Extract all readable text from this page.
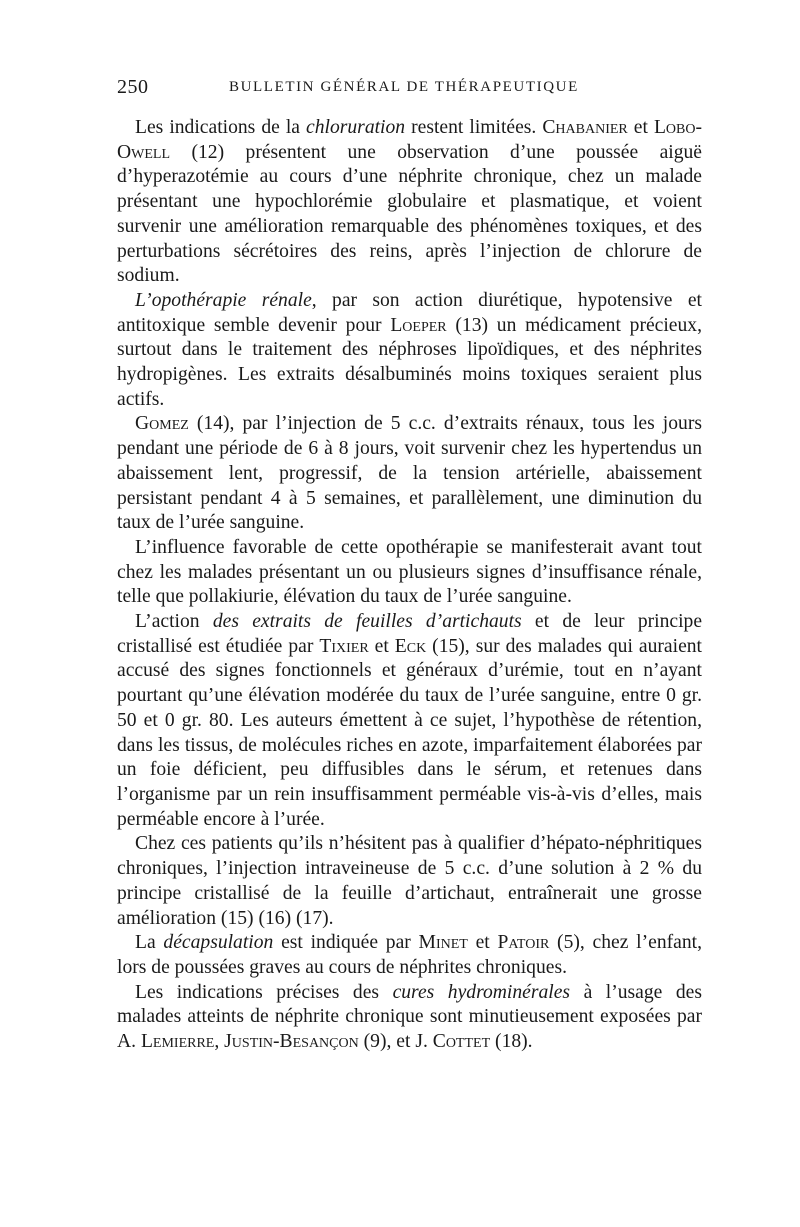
250	BULLETIN GÉNÉRAL DE THÉRAPEUTIQUE

Les indications de la chloruration restent limitées. Chabanier et Lobo-Owell (12) présentent une observation d’une poussée aiguë d’hyperazotémie au cours d’une néphrite chronique, chez un malade présentant une hypochlorémie globulaire et plasmatique, et voient survenir une amélioration remarquable des phénomènes toxiques, et des perturbations sécrétoires des reins, après l’injection de chlorure de sodium.

L’opothérapie rénale, par son action diurétique, hypotensive et antitoxique semble devenir pour Loeper (13) un médicament précieux, surtout dans le traitement des néphroses lipoïdiques, et des néphrites hydropigènes. Les extraits désalbuminés moins toxiques seraient plus actifs.

Gomez (14), par l’injection de 5 c.c. d’extraits rénaux, tous les jours pendant une période de 6 à 8 jours, voit survenir chez les hypertendus un abaissement lent, progressif, de la tension artérielle, abaissement persistant pendant 4 à 5 semaines, et parallèlement, une diminution du taux de l’urée sanguine.

L’influence favorable de cette opothérapie se manifesterait avant tout chez les malades présentant un ou plusieurs signes d’insuffisance rénale, telle que pollakiurie, élévation du taux de l’urée sanguine.

L’action des extraits de feuilles d’artichauts et de leur principe cristallisé est étudiée par Tixier et Eck (15), sur des malades qui auraient accusé des signes fonctionnels et généraux d’urémie, tout en n’ayant pourtant qu’une élévation modérée du taux de l’urée sanguine, entre 0 gr. 50 et 0 gr. 80. Les auteurs émettent à ce sujet, l’hypothèse de rétention, dans les tissus, de molécules riches en azote, imparfaitement élaborées par un foie déficient, peu diffusibles dans le sérum, et retenues dans l’organisme par un rein insuffisamment perméable vis-à-vis d’elles, mais perméable encore à l’urée.

Chez ces patients qu’ils n’hésitent pas à qualifier d’hépato-néphritiques chroniques, l’injection intraveineuse de 5 c.c. d’une solution à 2 % du principe cristallisé de la feuille d’artichaut, entraînerait une grosse amélioration (15) (16) (17).

La décapsulation est indiquée par Minet et Patoir (5), chez l’enfant, lors de poussées graves au cours de néphrites chroniques.

Les indications précises des cures hydrominérales à l’usage des malades atteints de néphrite chronique sont minutieusement exposées par A. Lemierre, Justin-Besançon (9), et J. Cottet (18).
